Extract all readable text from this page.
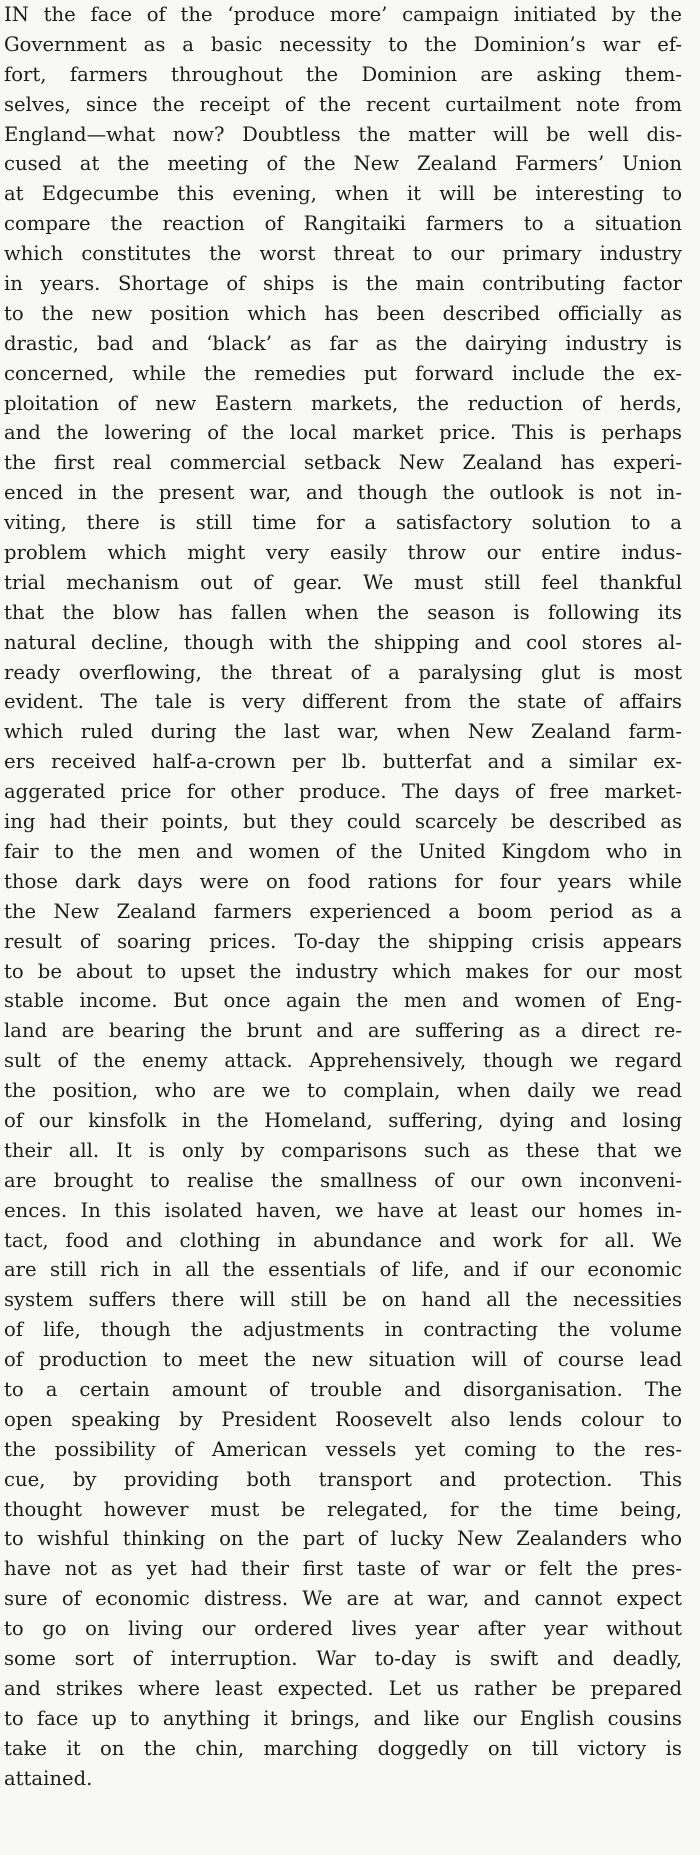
IN the face of the ‘produce more’ campaign initiated by the
Government as a basic necessity to the Dominion’s war ef-
fort, farmers throughout the Dominion are asking them-
selves, since the receipt of the recent curtailment note from
England—what now? Doubtless the matter will be well dis-
cused at the meeting of the New Zealand Farmers’ Union
at Edgecumbe this evening, when it will be interesting to
compare the reaction of Rangitaiki farmers to a situation
which constitutes the worst threat to our primary industry
in years. Shortage of ships is the main contributing factor
to the new position which has been described officially as
drastic, bad and ‘black’ as far as the dairying industry is
concerned, while the remedies put forward include the ex-
ploitation of new Eastern markets, the reduction of herds,
and the lowering of the local market price. This is perhaps
the first real commercial setback New Zealand has experi-
enced in the present war, and though the outlook is not in-
viting, there is still time for a satisfactory solution to a
problem which might very easily throw our entire indus-
trial mechanism out of gear. We must still feel thankful
that the blow has fallen when the season is following its
natural decline, though with the shipping and cool stores al-
ready overflowing, the threat of a paralysing glut is most
evident. The tale is very different from the state of affairs
which ruled during the last war, when New Zealand farm-
ers received half-a-crown per lb. butterfat and a similar ex-
aggerated price for other produce. The days of free market-
ing had their points, but they could scarcely be described as
fair to the men and women of the United Kingdom who in
those dark days were on food rations for four years while
the New Zealand farmers experienced a boom period as a
result of soaring prices. To-day the shipping crisis appears
to be about to upset the industry which makes for our most
stable income. But once again the men and women of Eng-
land are bearing the brunt and are suffering as a direct re-
sult of the enemy attack. Apprehensively, though we regard
the position, who are we to complain, when daily we read
of our kinsfolk in the Homeland, suffering, dying and losing
their all. It is only by comparisons such as these that we
are brought to realise the smallness of our own inconveni-
ences. In this isolated haven, we have at least our homes in-
tact, food and clothing in abundance and work for all. We
are still rich in all the essentials of life, and if our economic
system suffers there will still be on hand all the necessities
of life, though the adjustments in contracting the volume
of production to meet the new situation will of course lead
to a certain amount of trouble and disorganisation. The
open speaking by President Roosevelt also lends colour to
the possibility of American vessels yet coming to the res-
cue, by providing both transport and protection. This
thought however must be relegated, for the time being,
to wishful thinking on the part of lucky New Zealanders who
have not as yet had their first taste of war or felt the pres-
sure of economic distress. We are at war, and cannot expect
to go on living our ordered lives year after year without
some sort of interruption. War to-day is swift and deadly,
and strikes where least expected. Let us rather be prepared
to face up to anything it brings, and like our English cousins
take it on the chin, marching doggedly on till victory is
attained.
